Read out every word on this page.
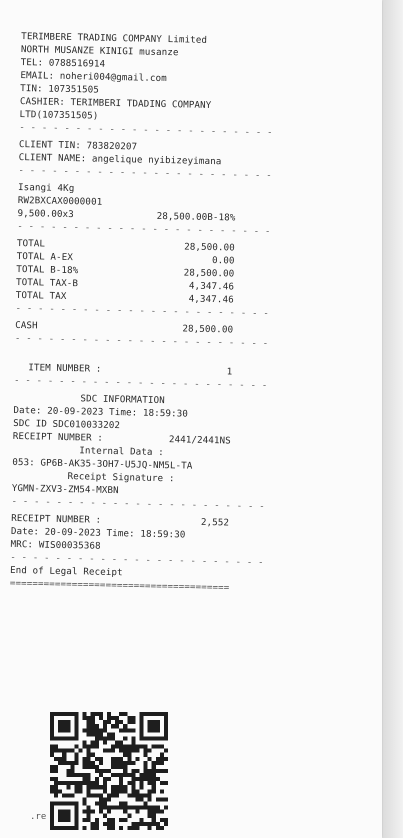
TERIMBERE TRADING COMPANY Limited
NORTH MUSANZE KINIGI musanze
TEL: 0788516914
EMAIL: noheri004@gmail.com
TIN: 107351505
CASHIER: TERIMBERI TDADING COMPANY
LTD(107351505)
- - - - - - - - - - - - - - - - - - - - - - -
CLIENT TIN: 783820207
CLIENT NAME: angelique nyibizeyimana
- - - - - - - - - - - - - - - - - - - - - - -
Isangi 4Kg
RW2BXCAX0000001
9,500.00x3	28,500.00B-18%
- - - - - - - - - - - - - - - - - - - - - - -
TOTAL	28,500.00
TOTAL A-EX	0.00
TOTAL B-18%	28,500.00
TOTAL TAX-B	4,347.46
TOTAL TAX	4,347.46
- - - - - - - - - - - - - - - - - - - - - - -
CASH	28,500.00
- - - - - - - - - - - - - - - - - - - - - - -
ITEM NUMBER :	1
- - - - - - - - - - - - - - - - - - - - - - -
SDC INFORMATION
Date: 20-09-2023 Time: 18:59:30
SDC ID SDC010033202
RECEIPT NUMBER :	2441/2441NS
Internal Data :
053: GP6B-AK35-3OH7-U5JQ-NM5L-TA
Receipt Signature :
YGMN-ZXV3-ZM54-MXBN
- - - - - - - - - - - - - - - - - - - - - - -
RECEIPT NUMBER :	2,552
Date: 20-09-2023 Time: 18:59:30
MRC: WIS00035368
- - - - - - - - - - - - - - - - - - - - - - -
End of Legal Receipt
=======================================
.re
